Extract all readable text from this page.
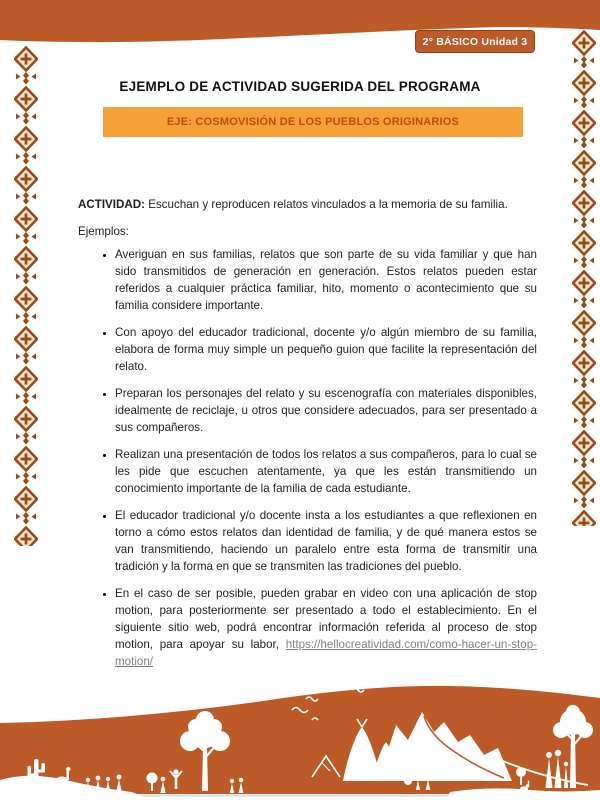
2° BÁSICO Unidad 3
EJEMPLO DE ACTIVIDAD SUGERIDA DEL PROGRAMA
EJE: COSMOVISIÓN DE LOS PUEBLOS ORIGINARIOS

ACTIVIDAD: Escuchan y reproducen relatos vinculados a la memoria de su familia.

Ejemplos:

• Averiguan en sus familias, relatos que son parte de su vida familiar y que han sido transmitidos de generación en generación. Estos relatos pueden estar referidos a cualquier práctica familiar, hito, momento o acontecimiento que su familia considere importante.
• Con apoyo del educador tradicional, docente y/o algún miembro de su familia, elabora de forma muy simple un pequeño guion que facilite la representación del relato.
• Preparan los personajes del relato y su escenografía con materiales disponibles, idealmente de reciclaje, u otros que considere adecuados, para ser presentado a sus compañeros.
• Realizan una presentación de todos los relatos a sus compañeros, para lo cual se les pide que escuchen atentamente, ya que les están transmitiendo un conocimiento importante de la familia de cada estudiante.
• El educador tradicional y/o docente insta a los estudiantes a que reflexionen en torno a cómo estos relatos dan identidad de familia, y de qué manera estos se van transmitiendo, haciendo un paralelo entre esta forma de transmitir una tradición y la forma en que se transmiten las tradiciones del pueblo.
• En el caso de ser posible, pueden grabar en video con una aplicación de stop motion, para posteriormente ser presentado a todo el establecimiento. En el siguiente sitio web, podrá encontrar información referida al proceso de stop motion, para apoyar su labor, https://hellocreatividad.com/como-hacer-un-stop-motion/
